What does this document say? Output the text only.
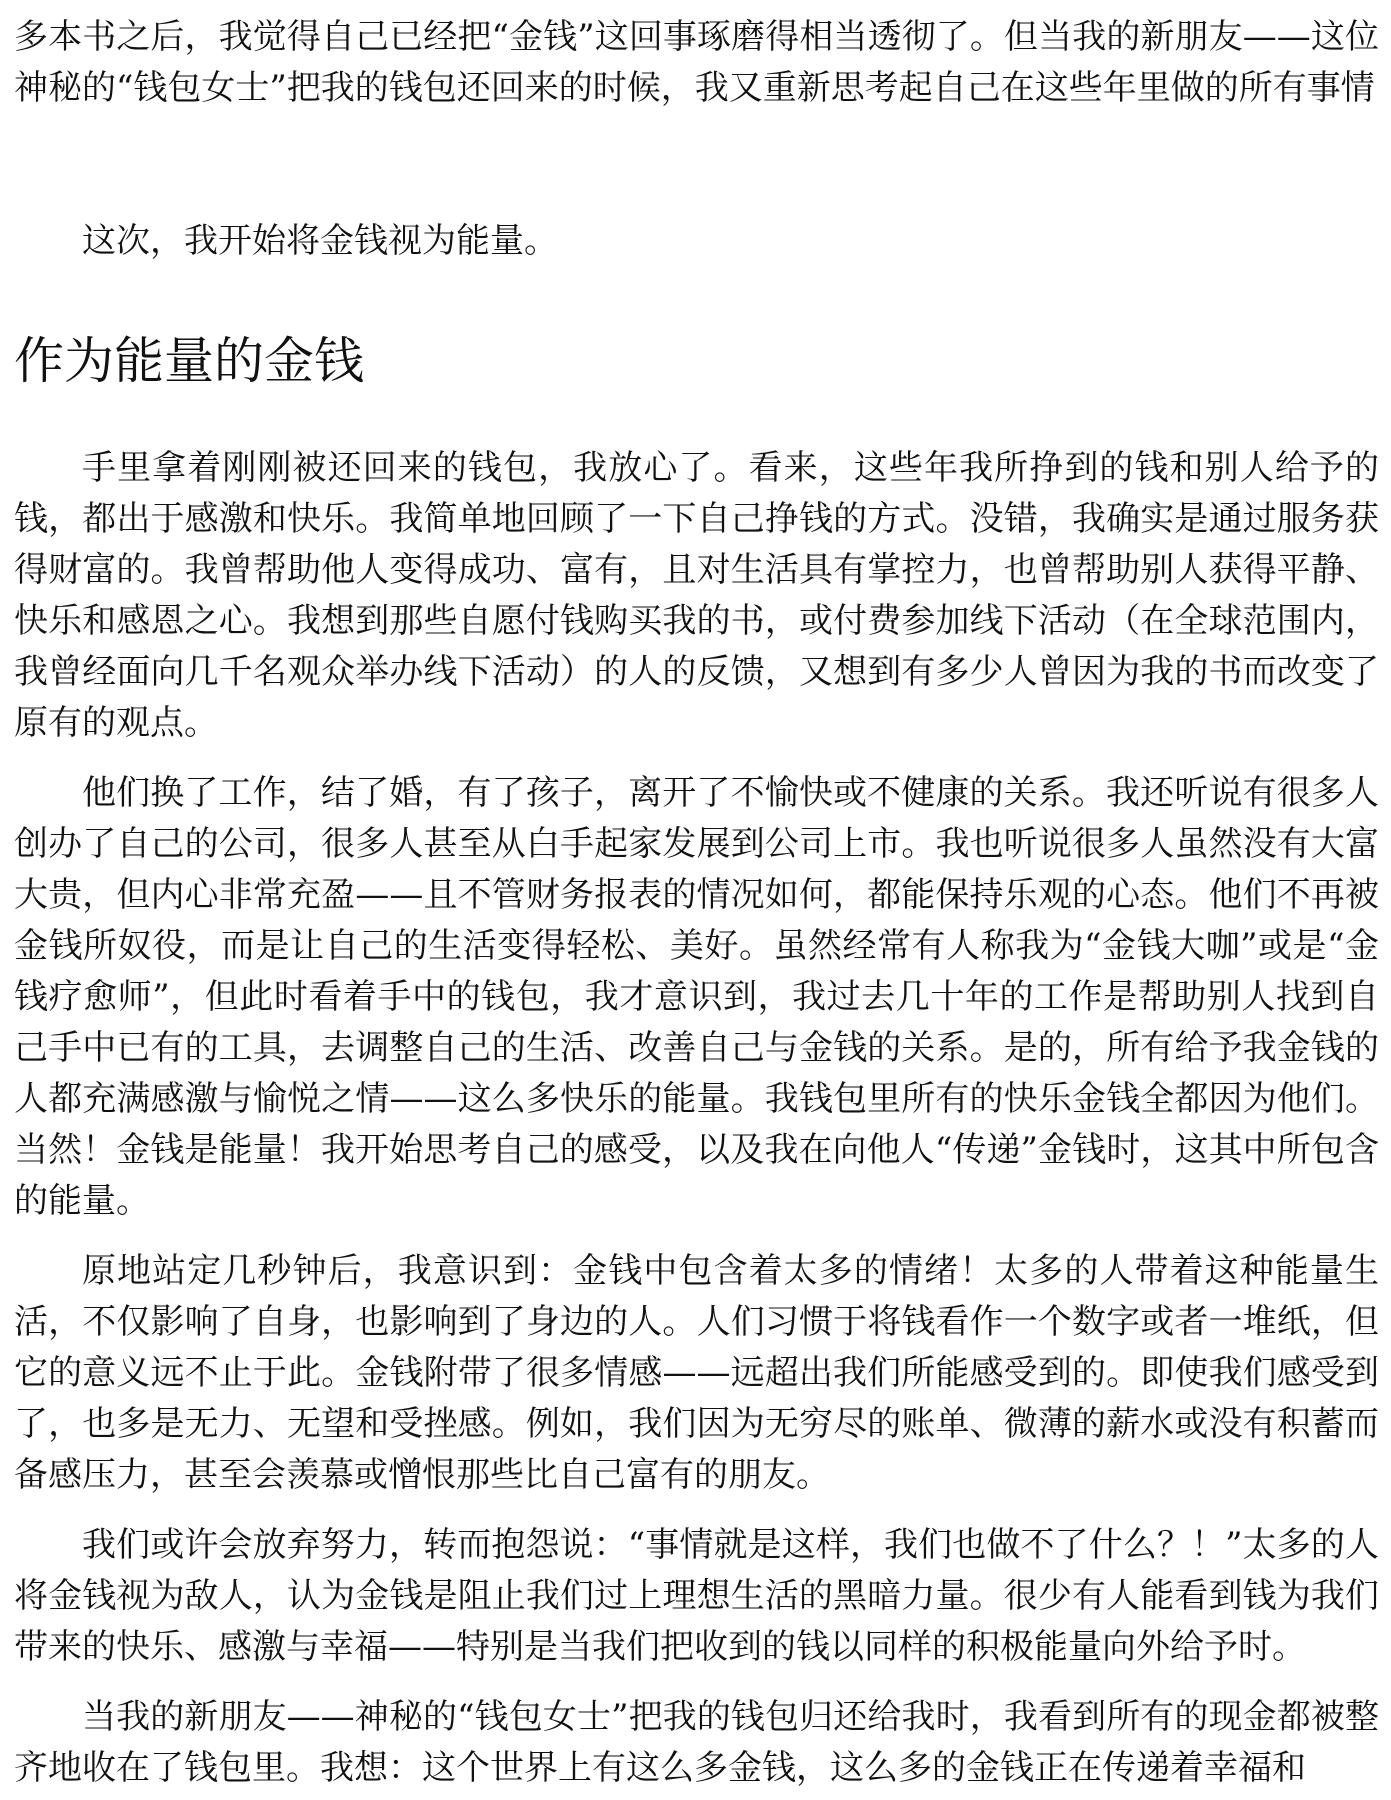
多本书之后，我觉得自己已经把“金钱”这回事琢磨得相当透彻了。但当我的新朋友——这位神秘的“钱包女士”把我的钱包还回来的时候，我又重新思考起自己在这些年里做的所有事情

这次，我开始将金钱视为能量。

作为能量的金钱

手里拿着刚刚被还回来的钱包，我放心了。看来，这些年我所挣到的钱和别人给予的钱，都出于感激和快乐。我简单地回顾了一下自己挣钱的方式。没错，我确实是通过服务获得财富的。我曾帮助他人变得成功、富有，且对生活具有掌控力，也曾帮助别人获得平静、快乐和感恩之心。我想到那些自愿付钱购买我的书，或付费参加线下活动（在全球范围内，我曾经面向几千名观众举办线下活动）的人的反馈，又想到有多少人曾因为我的书而改变了原有的观点。

他们换了工作，结了婚，有了孩子，离开了不愉快或不健康的关系。我还听说有很多人创办了自己的公司，很多人甚至从白手起家发展到公司上市。我也听说很多人虽然没有大富大贵，但内心非常充盈——且不管财务报表的情况如何，都能保持乐观的心态。他们不再被金钱所奴役，而是让自己的生活变得轻松、美好。虽然经常有人称我为“金钱大咖”或是“金钱疗愈师”，但此时看着手中的钱包，我才意识到，我过去几十年的工作是帮助别人找到自己手中已有的工具，去调整自己的生活、改善自己与金钱的关系。是的，所有给予我金钱的人都充满感激与愉悦之情——这么多快乐的能量。我钱包里所有的快乐金钱全都因为他们。当然！金钱是能量！我开始思考自己的感受，以及我在向他人“传递”金钱时，这其中所包含的能量。

原地站定几秒钟后，我意识到：金钱中包含着太多的情绪！太多的人带着这种能量生活，不仅影响了自身，也影响到了身边的人。人们习惯于将钱看作一个数字或者一堆纸，但它的意义远不止于此。金钱附带了很多情感——远超出我们所能感受到的。即使我们感受到了，也多是无力、无望和受挫感。例如，我们因为无穷尽的账单、微薄的薪水或没有积蓄而备感压力，甚至会羡慕或憎恨那些比自己富有的朋友。

我们或许会放弃努力，转而抱怨说：“事情就是这样，我们也做不了什么？！”太多的人将金钱视为敌人，认为金钱是阻止我们过上理想生活的黑暗力量。很少有人能看到钱为我们带来的快乐、感激与幸福——特别是当我们把收到的钱以同样的积极能量向外给予时。

当我的新朋友——神秘的“钱包女士”把我的钱包归还给我时，我看到所有的现金都被整齐地收在了钱包里。我想：这个世界上有这么多金钱，这么多的金钱正在传递着幸福和
